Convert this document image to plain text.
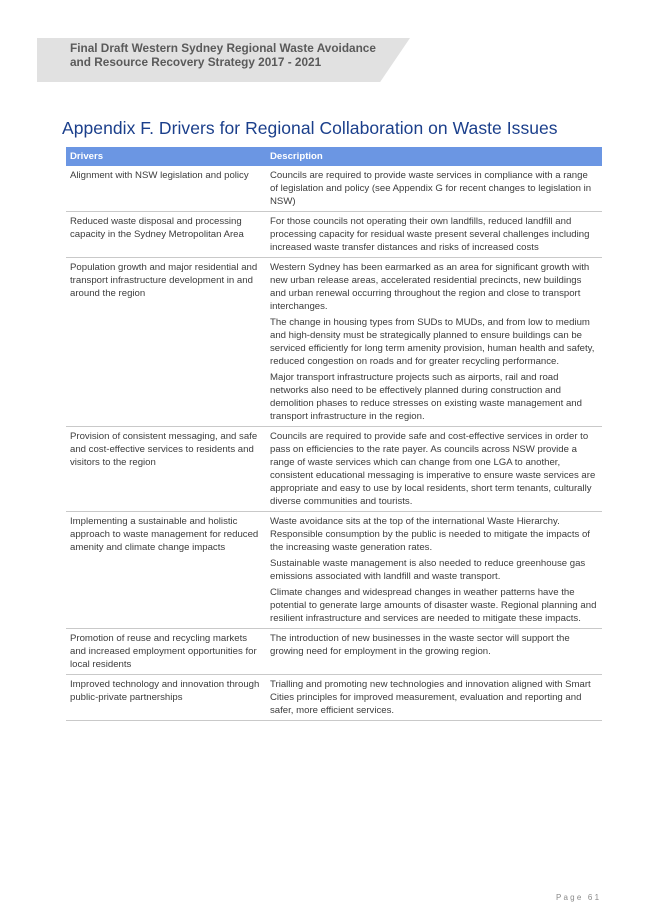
Final Draft Western Sydney Regional Waste Avoidance
and Resource Recovery Strategy 2017 - 2021
Appendix F. Drivers for Regional Collaboration on Waste Issues
Drivers	Description
Alignment with NSW legislation and policy	Councils are required to provide waste services in compliance with a range of legislation and policy (see Appendix G for recent changes to legislation in NSW)

Reduced waste disposal and processing capacity in the Sydney Metropolitan Area	For those councils not operating their own landfills, reduced landfill and processing capacity for residual waste present several challenges including increased waste transfer distances and risks of increased costs

Population growth and major residential and transport infrastructure development in and around the region	Western Sydney has been earmarked as an area for significant growth with new urban release areas, accelerated residential precincts, new buildings and urban renewal occurring throughout the region and close to transport interchanges.

The change in housing types from SUDs to MUDs, and from low to medium and high-density must be strategically planned to ensure buildings can be serviced efficiently for long term amenity provision, human health and safety, reduced congestion on roads and for greater recycling performance.

Major transport infrastructure projects such as airports, rail and road networks also need to be effectively planned during construction and demolition phases to reduce stresses on existing waste management and transport infrastructure in the region.

Provision of consistent messaging, and safe and cost-effective services to residents and visitors to the region	Councils are required to provide safe and cost-effective services in order to pass on efficiencies to the rate payer. As councils across NSW provide a range of waste services which can change from one LGA to another, consistent educational messaging is imperative to ensure waste services are appropriate and easy to use by local residents, short term tenants, culturally diverse communities and tourists.

Implementing a sustainable and holistic approach to waste management for reduced amenity and climate change impacts	Waste avoidance sits at the top of the international Waste Hierarchy. Responsible consumption by the public is needed to mitigate the impacts of the increasing waste generation rates.

Sustainable waste management is also needed to reduce greenhouse gas emissions associated with landfill and waste transport.

Climate changes and widespread changes in weather patterns have the potential to generate large amounts of disaster waste. Regional planning and resilient infrastructure and services are needed to mitigate these impacts.

Promotion of reuse and recycling markets and increased employment opportunities for local residents	The introduction of new businesses in the waste sector will support the growing need for employment in the growing region.

Improved technology and innovation through public-private partnerships	Trialling and promoting new technologies and innovation aligned with Smart Cities principles for improved measurement, evaluation and reporting and safer, more efficient services.

Page 61
